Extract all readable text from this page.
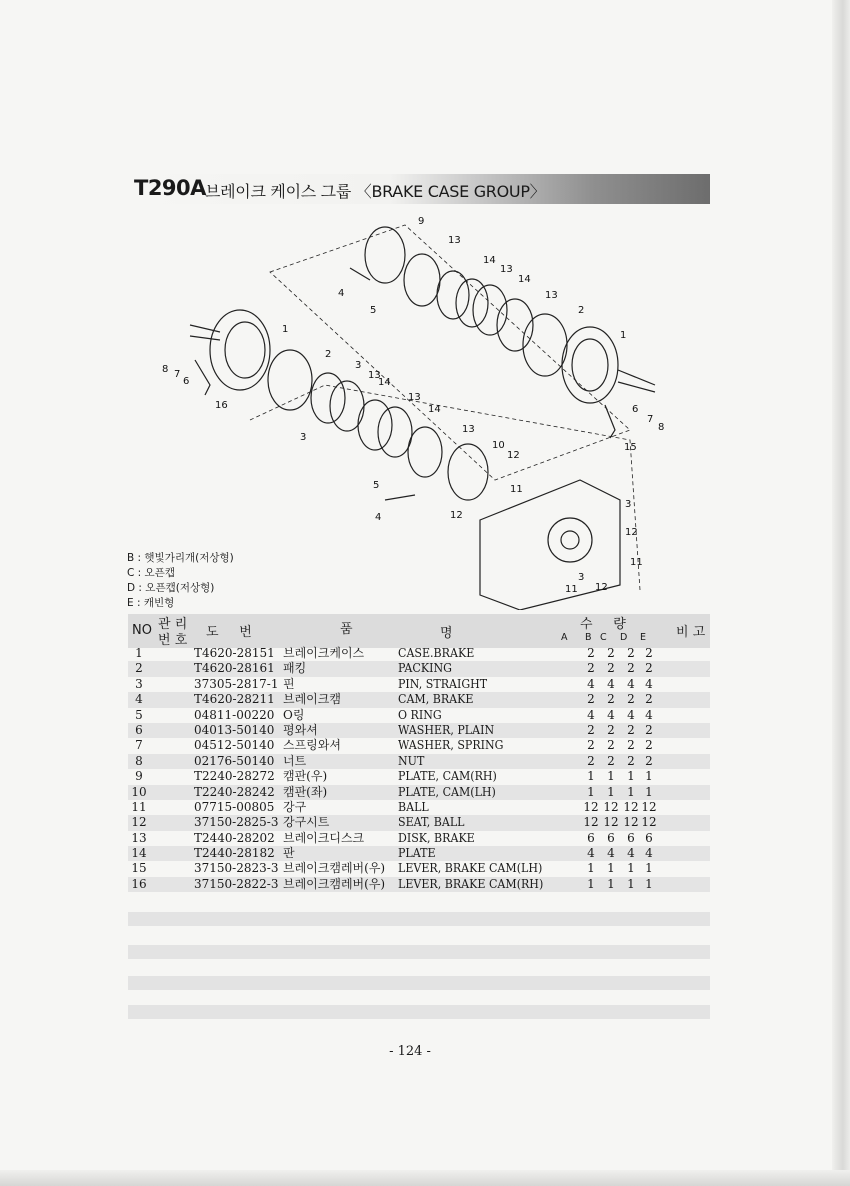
T290A 브레이크 케이스 그룹 〈BRAKE CASE GROUP〉
9
13
14
13
14
13
2
1
4
5
1
2
3
13
14
13
14
13
10
12
11
8 7
6
16
3
6
7
8
15
5
4	12
3
12
11
12
11
3
B : 햇빛가리개(저상형)
C : 오픈캡
D : 오픈캡(저상형)
E : 캐빈형
NO 관 리
번 호
도     번	품	명
수     량
A B C D E 비 고
1	T4620-28151 브레이크케이스	CASE.BRAKE	2	2	2 2
2	T4620-28161 패킹	PACKING	2	2	2 2
3	37305-2817-1 핀	PIN, STRAIGHT	4	4	4 4
4	T4620-28211 브레이크캠	CAM, BRAKE	2	2	2 2
5	04811-00220 O링	O RING	4	4	4 4
6	04013-50140 평와셔	WASHER, PLAIN	2	2	2 2
7	04512-50140 스프링와셔	WASHER, SPRING	2	2	2 2
8	02176-50140 너트	NUT	2	2	2 2
9	T2240-28272 캠판(우)	PLATE, CAM(RH)	1	1	1 1
10	T2240-28242 캠판(좌)	PLATE, CAM(LH)	1	1	1 1
11	07715-00805 강구	BALL	12 12 12 12
12	37150-2825-3 강구시트	SEAT, BALL	12 12 12 12
13	T2440-28202 브레이크디스크	DISK, BRAKE	6	6	6 6
14	T2440-28182 판	PLATE	4	4	4 4
15	37150-2823-3 브레이크캠레버(우) LEVER, BRAKE CAM(LH)	1	1	1 1
16	37150-2822-3 브레이크캠레버(우) LEVER, BRAKE CAM(RH)	1	1	1 1
- 124 -
